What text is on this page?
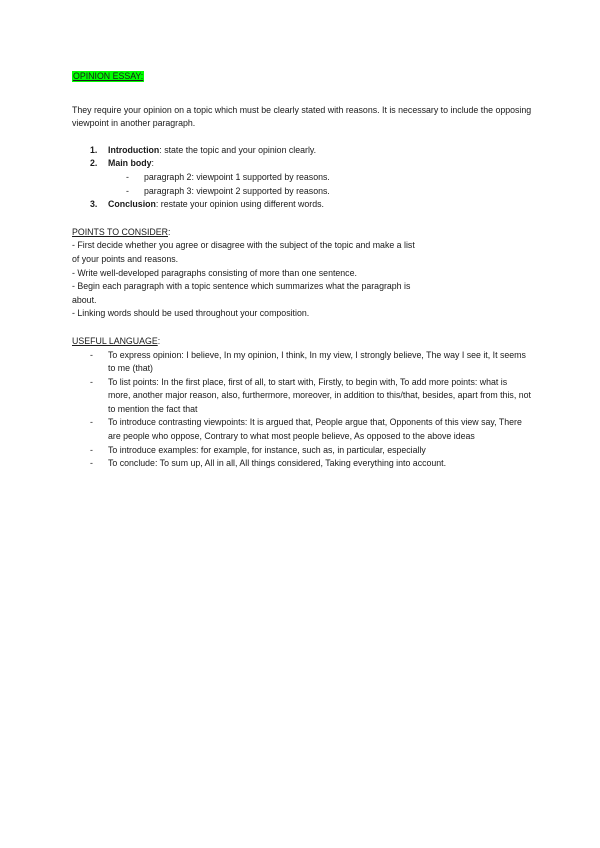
OPINION ESSAY:

They require your opinion on a topic which must be clearly stated with reasons. It is necessary to include the opposing viewpoint in another paragraph.

1. Introduction: state the topic and your opinion clearly.
2. Main body:
- paragraph 2: viewpoint 1 supported by reasons.
- paragraph 3: viewpoint 2 supported by reasons.
3. Conclusion: restate your opinion using different words.
POINTS TO CONSIDER:
- First decide whether you agree or disagree with the subject of the topic and make a list
of your points and reasons.
- Write well-developed paragraphs consisting of more than one sentence.
- Begin each paragraph with a topic sentence which summarizes what the paragraph is
about.
- Linking words should be used throughout your composition.
USEFUL LANGUAGE:
- To express opinion: I believe, In my opinion, I think, In my view, I strongly believe, The way I see it, It seems to me (that)
- To list points: In the first place, first of all, to start with, Firstly, to begin with, To add more points: what is more, another major reason, also, furthermore, moreover, in addition to this/that, besides, apart from this, not to mention the fact that
- To introduce contrasting viewpoints: It is argued that, People argue that, Opponents of this view say, There are people who oppose, Contrary to what most people believe, As opposed to the above ideas
- To introduce examples: for example, for instance, such as, in particular, especially
- To conclude: To sum up, All in all, All things considered, Taking everything into account.
